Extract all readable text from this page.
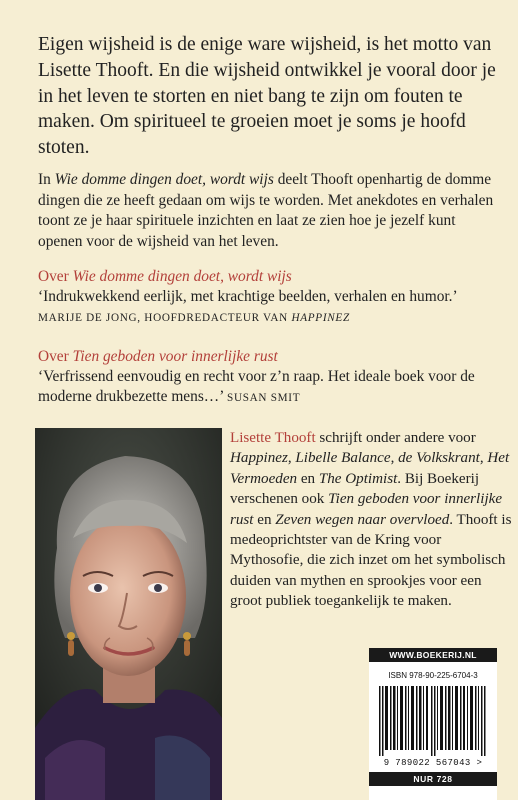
Eigen wijsheid is de enige ware wijsheid, is het motto van Lisette Thooft. En die wijsheid ontwikkel je vooral door je in het leven te storten en niet bang te zijn om fouten te maken. Om spiritueel te groeien moet je soms je hoofd stoten.

In Wie domme dingen doet, wordt wijs deelt Thooft openhartig de domme dingen die ze heeft gedaan om wijs te worden. Met anekdotes en verhalen toont ze je haar spirituele inzichten en laat ze zien hoe je jezelf kunt openen voor de wijsheid van het leven.

Over Wie domme dingen doet, wordt wijs

‘Indrukwekkend eerlijk, met krachtige beelden, verhalen en humor.’

MARIJE DE JONG, HOOFDREDACTEUR VAN HAPPINEZ

Over Tien geboden voor innerlijke rust

‘Verfrissend eenvoudig en recht voor z’n raap. Het ideale boek voor de moderne drukbezette mens…’ SUSAN SMIT

Lisette Thooft schrijft onder andere voor Happinez, Libelle Balance, de Volkskrant, Het Vermoeden en The Optimist. Bij Boekerij verschenen ook Tien geboden voor innerlijke rust en Zeven wegen naar overvloed. Thooft is medeoprichtster van de Kring voor Mythosofie, die zich inzet om het symbolisch duiden van mythen en sprookjes voor een groot publiek toegankelijk te maken.

WWW.BOEKERIJ.NL
ISBN 978-90-225-6704-3
9 789022 567043 >
NUR 728
